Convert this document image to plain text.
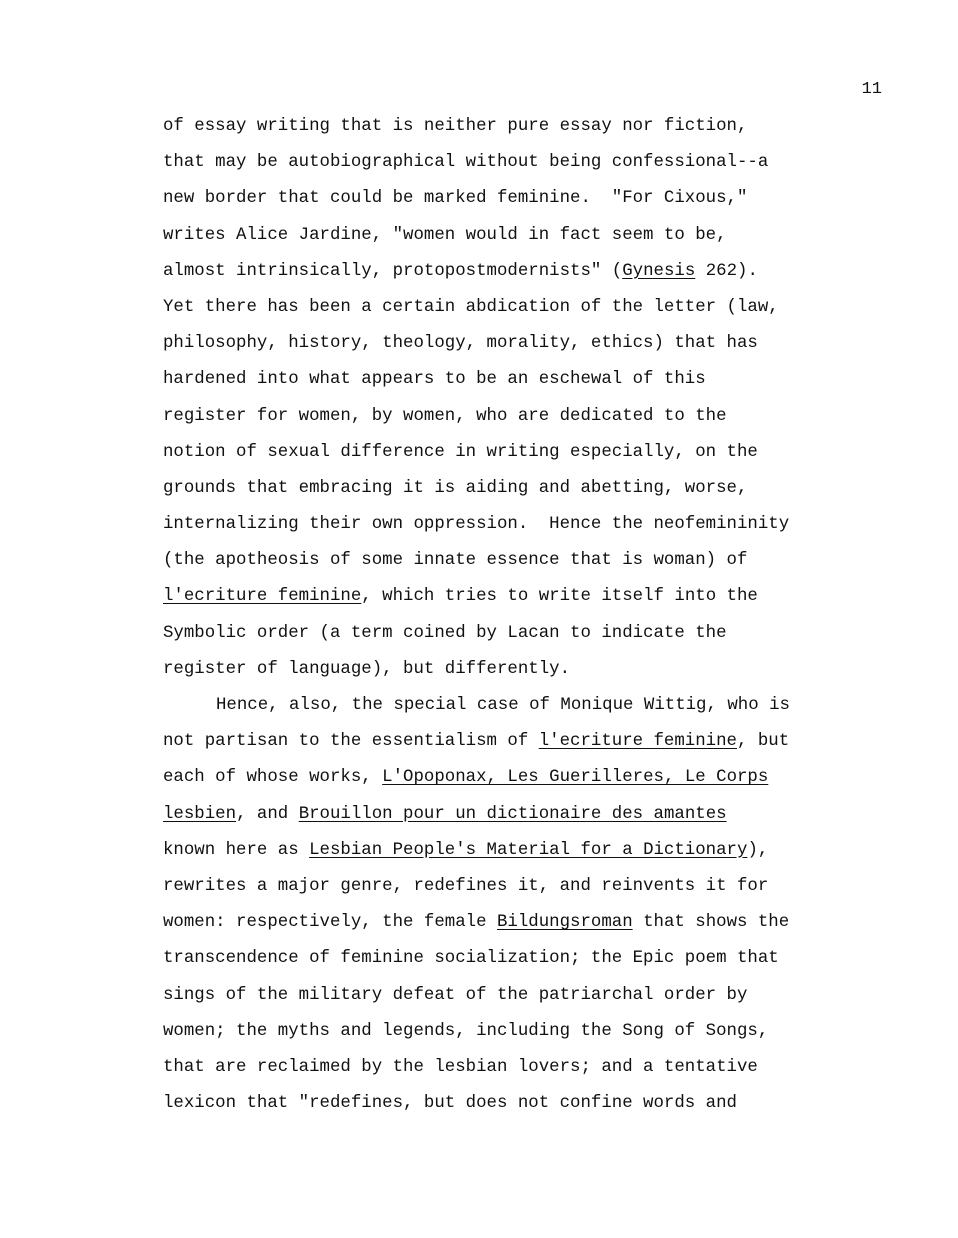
11
of essay writing that is neither pure essay nor fiction,
that may be autobiographical without being confessional--a
new border that could be marked feminine.  "For Cixous,"
writes Alice Jardine, "women would in fact seem to be,
almost intrinsically, protopostmodernists" (Gynesis 262).
Yet there has been a certain abdication of the letter (law,
philosophy, history, theology, morality, ethics) that has
hardened into what appears to be an eschewal of this
register for women, by women, who are dedicated to the
notion of sexual difference in writing especially, on the
grounds that embracing it is aiding and abetting, worse,
internalizing their own oppression.  Hence the neofemininity
(the apotheosis of some innate essence that is woman) of
l'ecriture feminine, which tries to write itself into the
Symbolic order (a term coined by Lacan to indicate the
register of language), but differently.
Hence, also, the special case of Monique Wittig, who is
not partisan to the essentialism of l'ecriture feminine, but
each of whose works, L'Opoponax, Les Guerilleres, Le Corps
lesbien, and Brouillon pour un dictionaire des amantes
known here as Lesbian People's Material for a Dictionary),
rewrites a major genre, redefines it, and reinvents it for
women: respectively, the female Bildungsroman that shows the
transcendence of feminine socialization; the Epic poem that
sings of the military defeat of the patriarchal order by
women; the myths and legends, including the Song of Songs,
that are reclaimed by the lesbian lovers; and a tentative
lexicon that "redefines, but does not confine words and
